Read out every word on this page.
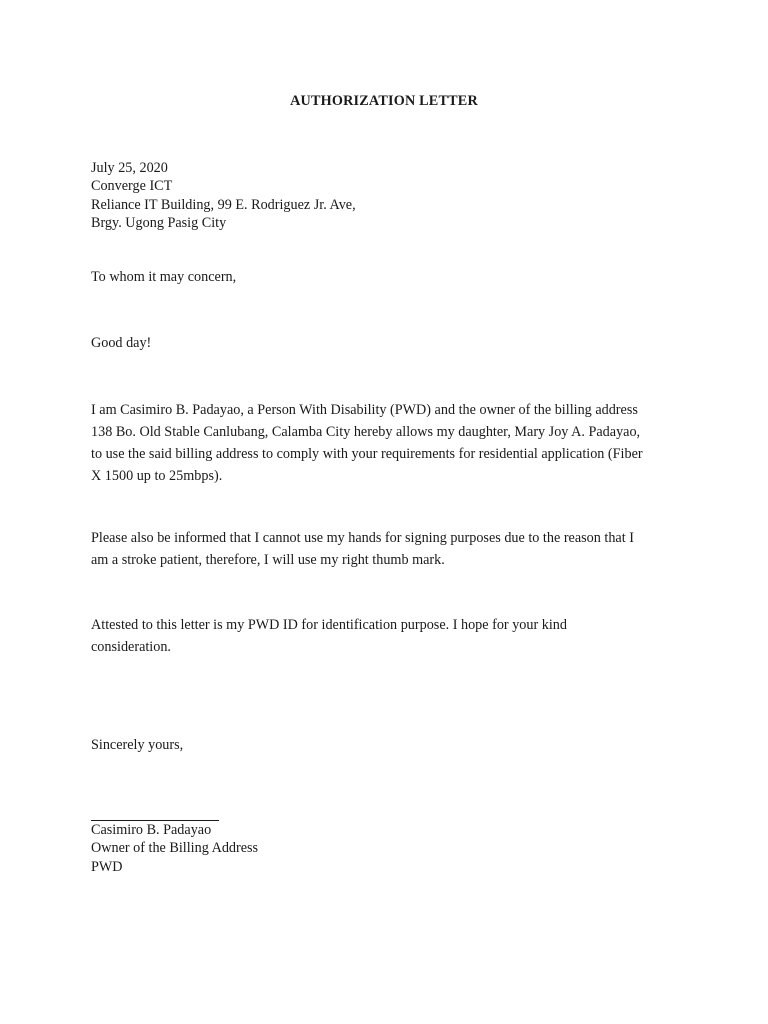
AUTHORIZATION LETTER
July 25, 2020
Converge ICT
Reliance IT Building, 99 E. Rodriguez Jr. Ave,
Brgy. Ugong Pasig City
To whom it may concern,
Good day!
I am Casimiro B. Padayao, a Person With Disability (PWD) and the owner of the billing address
138 Bo. Old Stable Canlubang, Calamba City hereby allows my daughter, Mary Joy A. Padayao,
to use the said billing address to comply with your requirements for residential application (Fiber
X 1500 up to 25mbps).
Please also be informed that I cannot use my hands for signing purposes due to the reason that I
am a stroke patient, therefore, I will use my right thumb mark.
Attested to this letter is my PWD ID for identification purpose. I hope for your kind
consideration.
Sincerely yours,
Casimiro B. Padayao
Owner of the Billing Address
PWD
